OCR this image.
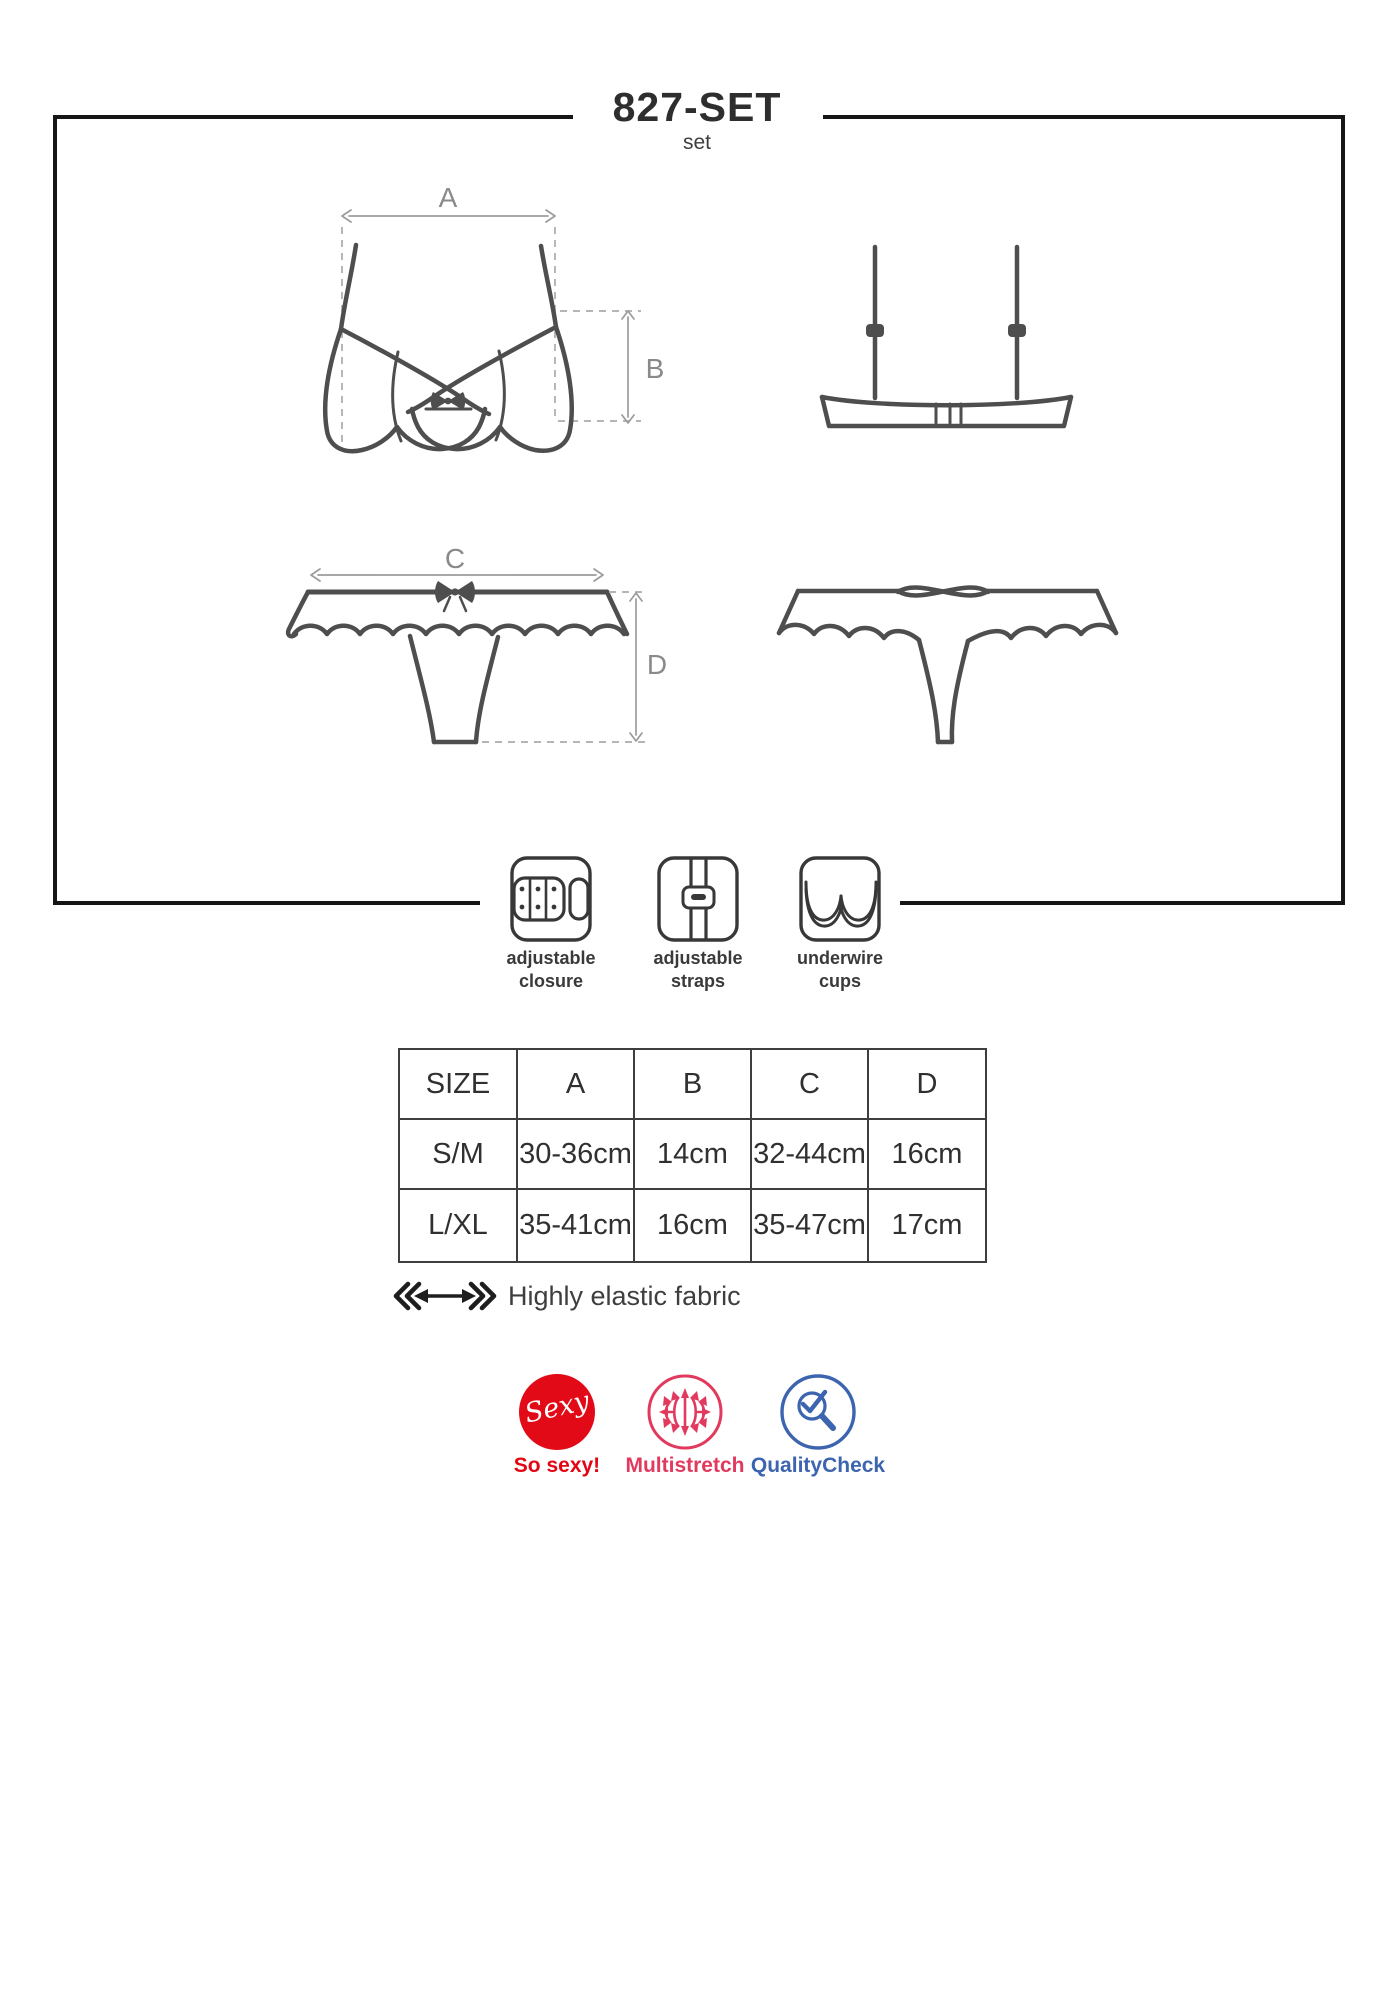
827-SET
set
A
B
C
D
adjustable closure
adjustable straps
underwire cups
SIZE	A	B	C	D
S/M	30-36cm	14cm	32-44cm	16cm
L/XL	35-41cm	16cm	35-47cm	17cm
Highly elastic fabric
Sexy
So sexy!	Multistretch QualityCheck
